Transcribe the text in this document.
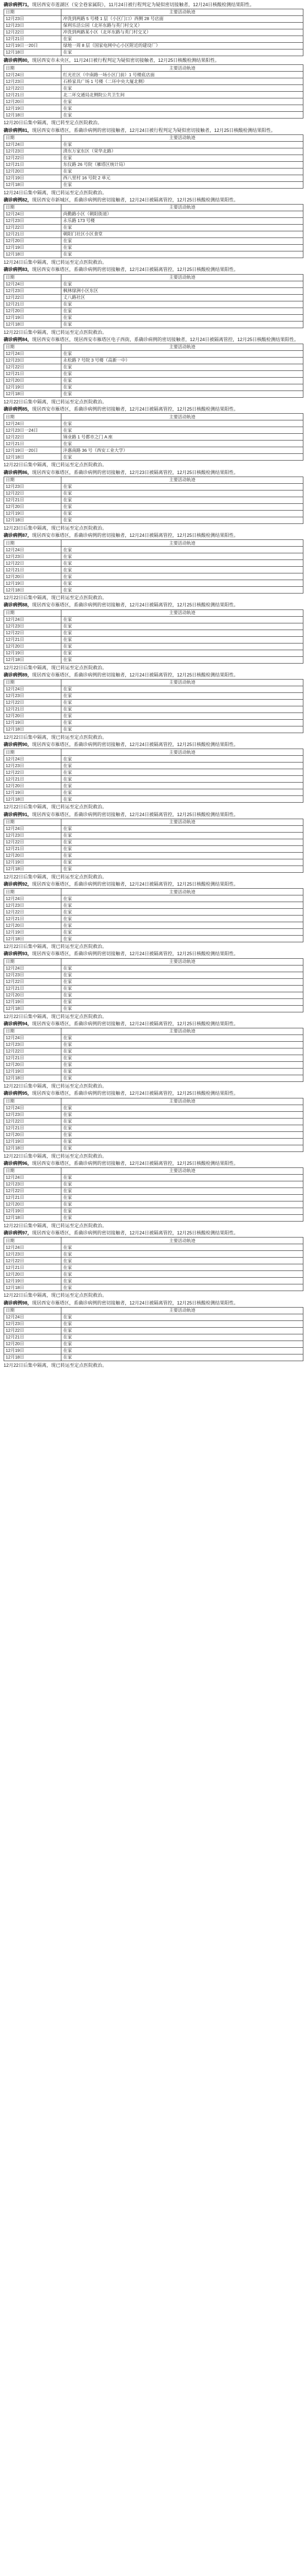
确诊病例71，现居西安市莲湖区（安全巷家属院），11月24日被行程判定为疑似密切接触者，12月24日核酸检测结果阳性。
日期	主要活动轨迹
12月23日	冲洗到两路 5 号楼 1 层（小区门口）西侧 28 号店面
12月23日	保利乐活公园（北环东路与英门村交叉）
12月22日	冲洗到两路某小区（北环东路与英门村交叉）
12月21日	在家
12月19日一20日	绿地一周 8 层（国家电网中心小区附近的建设厂）
12月18日	在家
确诊病例80，现居西安市未央区，11月24日被行程判定为疑似密切接触者，12月25日核酸检测结果阳性。
日期	主要活动轨迹
12月24日	红光社区（中南路一场小区门前）1 号楼底店面
12月23日	石桥家具广场 1 号楼（二环中央大厦北侧）
12月22日	在家
12月21日	北二环交通局北侧院公共卫生间
12月20日	在家
12月19日	在家
12月18日	在家
12月20日后集中隔离，现已转至定点医院救治。
确诊病例81，现居西安市雁塔区，系确诊病例的密切接触者，12月24日被行程判定为疑似密切接触者，12月25日核酸检测结果阳性。
日期	主要活动轨迹
12月24日	在家
12月23日	清东万家东区（荣华北路）
12月22日	在家
12月21日	东仪路 26 号院（雁塔区统计局）
12月20日	在家
12月19日	西八里村 16 号院 2 单元
12月18日	在家
12月24日后集中隔离，现已转运至定点医院救治。
确诊病例82，现居西安市新城区，系确诊病例的密切接触者，12月24日被隔离管控，12月25日核酸检测结果阳性。
日期	主要活动轨迹
12月24日	尚勤路小区（朝阳街道）
12月23日	永乐路 173 号楼
12月22日	在家
12月21日	朝阳门社区小区食堂
12月20日	在家
12月19日	在家
12月18日	在家
12月24日后集中隔离，现已转运至定点医院救治。
确诊病例83，现居西安市雁塔区，系确诊病例的密切接触者，12月24日被隔离管控，12月25日核酸检测结果阳性。
日期	主要活动轨迹
12月24日	在家
12月23日	枫林绿洲小区东区
12月22日	丈八路社区
12月21日	在家
12月20日	在家
12月19日	在家
12月18日	在家
12月22日后集中隔离，现已转运至定点医院救治。
确诊病例84，现居西安市雁塔区，现居西安市雁塔区电子西街，系确诊病例的密切接触者，12月24日被隔离管控，12月25日核酸检测结果阳性。
日期	主要活动轨迹
12月24日	在家
12月23日	永松路 7 号院 3 号楼（高新一中）
12月22日	在家
12月21日	在家
12月20日	在家
12月19日	在家
12月18日	在家
12月22日后集中隔离，现已转运至定点医院救治。
确诊病例85，现居西安市雁塔区，系确诊病例的密切接触者，12月24日被隔离管控，12月25日核酸检测结果阳性。
日期	主要活动轨迹
12月24日	在家
12月23日一24日	在家
12月22日	锦业路 1 号都市之门 A 座
12月21日	在家
12月19日一20日	沣惠南路 36 号（西安工业大学）
12月18日	在家
12月22日后集中隔离，现已转运至定点医院救治。
确诊病例86，现居西安市雁塔区，系确诊病例的密切接触者，12月23日被隔离管控，12月25日核酸检测结果阳性。
日期	主要活动轨迹
12月23日	在家
12月22日	在家
12月21日	在家
12月20日	在家
12月19日	在家
12月18日	在家
12月23日后集中隔离，现已转运至定点医院救治。
确诊病例87，现居西安市雁塔区，系确诊病例的密切接触者，12月24日被隔离管控，12月25日核酸检测结果阳性。
日期	主要活动轨迹
12月24日	在家
12月23日	在家
12月22日	在家
12月21日	在家
12月20日	在家
12月19日	在家
12月18日	在家
12月22日后集中隔离，现已转运至定点医院救治。
确诊病例88，现居西安市雁塔区，系确诊病例的密切接触者，12月24日被隔离管控，12月25日核酸检测结果阳性。
日期	主要活动轨迹
12月24日	在家
12月23日	在家
12月22日	在家
12月21日	在家
12月20日	在家
12月19日	在家
12月18日	在家
12月22日后集中隔离，现已转运至定点医院救治。
确诊病例89，现居西安市雁塔区，系确诊病例的密切接触者，12月24日被隔离管控，12月25日核酸检测结果阳性。
日期	主要活动轨迹
12月24日	在家
12月23日	在家
12月22日	在家
12月21日	在家
12月20日	在家
12月19日	在家
12月18日	在家
12月22日后集中隔离，现已转运至定点医院救治。
确诊病例90，现居西安市雁塔区，系确诊病例的密切接触者，12月24日被隔离管控，12月25日核酸检测结果阳性。
日期	主要活动轨迹
12月24日	在家
12月23日	在家
12月22日	在家
12月21日	在家
12月20日	在家
12月19日	在家
12月18日	在家
12月22日后集中隔离，现已转运至定点医院救治。
确诊病例91，现居西安市雁塔区，系确诊病例的密切接触者，12月24日被隔离管控，12月25日核酸检测结果阳性。
日期	主要活动轨迹
12月24日	在家
12月23日	在家
12月22日	在家
12月21日	在家
12月20日	在家
12月19日	在家
12月18日	在家
12月22日后集中隔离，现已转运至定点医院救治。
确诊病例92，现居西安市雁塔区，系确诊病例的密切接触者，12月24日被隔离管控，12月25日核酸检测结果阳性。
日期	主要活动轨迹
12月24日	在家
12月23日	在家
12月22日	在家
12月21日	在家
12月20日	在家
12月19日	在家
12月18日	在家
12月22日后集中隔离，现已转运至定点医院救治。
确诊病例93，现居西安市雁塔区，系确诊病例的密切接触者，12月24日被隔离管控，12月25日核酸检测结果阳性。
日期	主要活动轨迹
12月24日	在家
12月23日	在家
12月22日	在家
12月21日	在家
12月20日	在家
12月19日	在家
12月18日	在家
12月22日后集中隔离，现已转运至定点医院救治。
确诊病例94，现居西安市雁塔区，系确诊病例的密切接触者，12月24日被隔离管控，12月25日核酸检测结果阳性。
日期	主要活动轨迹
12月24日	在家
12月23日	在家
12月22日	在家
12月21日	在家
12月20日	在家
12月19日	在家
12月18日	在家
12月22日后集中隔离，现已转运至定点医院救治。
确诊病例95，现居西安市雁塔区，系确诊病例的密切接触者，12月24日被隔离管控，12月25日核酸检测结果阳性。
日期	主要活动轨迹
12月24日	在家
12月23日	在家
12月22日	在家
12月21日	在家
12月20日	在家
12月19日	在家
12月18日	在家
12月22日后集中隔离，现已转运至定点医院救治。
确诊病例96，现居西安市雁塔区，系确诊病例的密切接触者，12月24日被隔离管控，12月25日核酸检测结果阳性。
日期	主要活动轨迹
12月24日	在家
12月23日	在家
12月22日	在家
12月21日	在家
12月20日	在家
12月19日	在家
12月18日	在家
12月22日后集中隔离，现已转运至定点医院救治。
确诊病例97，现居西安市雁塔区，系确诊病例的密切接触者，12月24日被隔离管控，12月25日核酸检测结果阳性。
日期	主要活动轨迹
12月24日	在家
12月23日	在家
12月22日	在家
12月21日	在家
12月20日	在家
12月19日	在家
12月18日	在家
12月22日后集中隔离，现已转运至定点医院救治。
确诊病例98，现居西安市雁塔区，系确诊病例的密切接触者，12月24日被隔离管控，12月25日核酸检测结果阳性。
日期	主要活动轨迹
12月24日	在家
12月23日	在家
12月22日	在家
12月21日	在家
12月20日	在家
12月19日	在家
12月18日	在家
12月22日后集中隔离，现已转运至定点医院救治。
